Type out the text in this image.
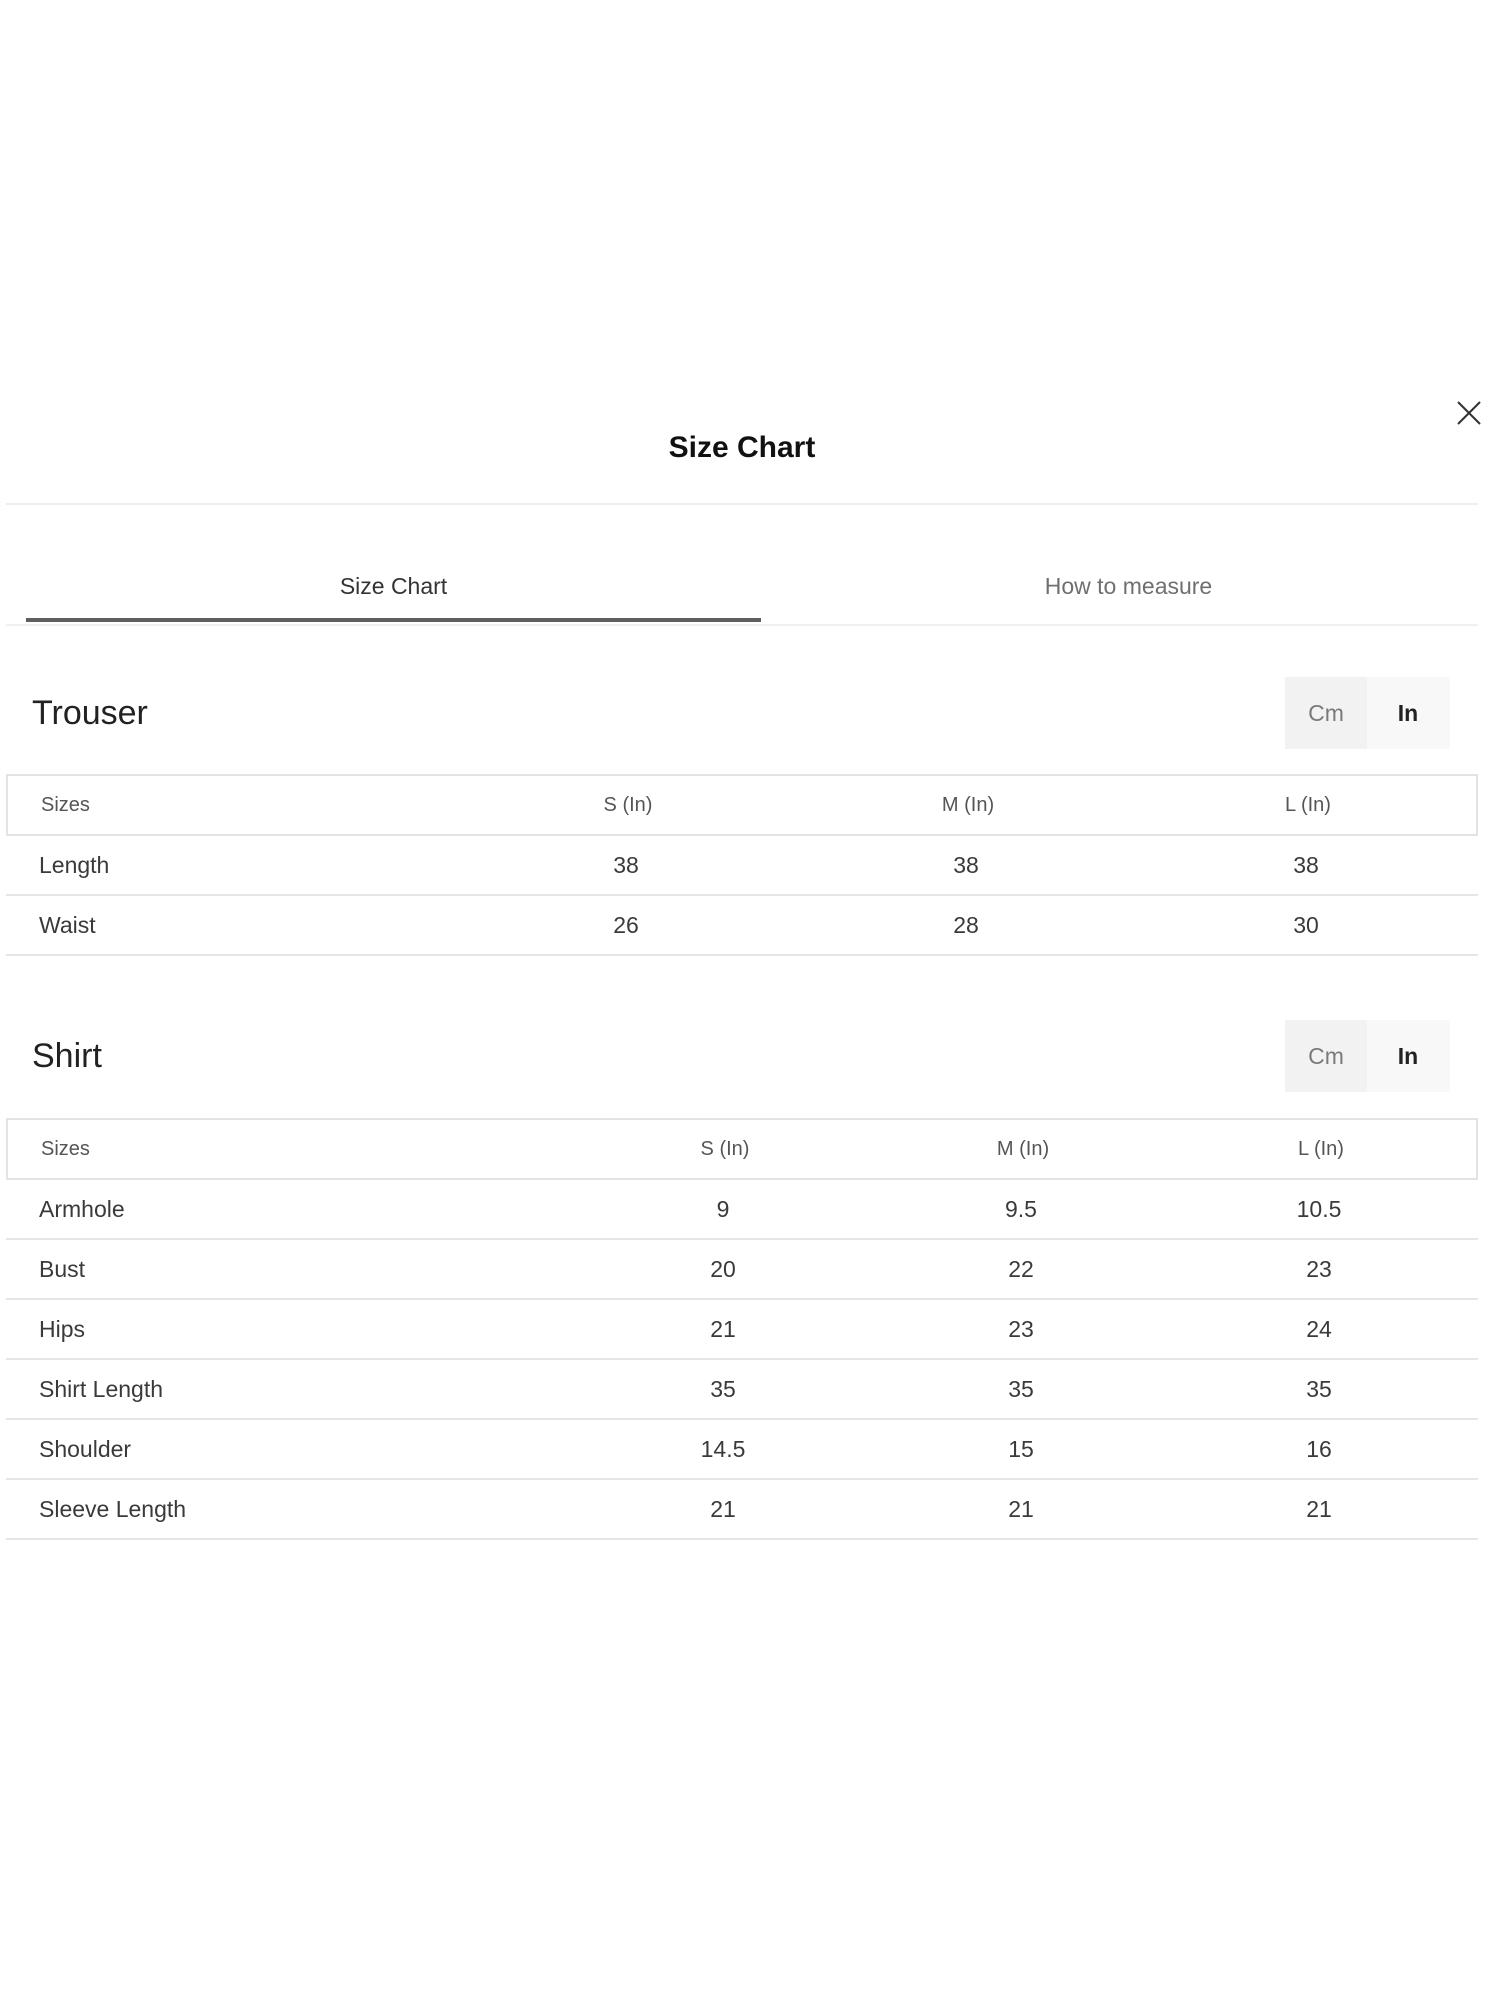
Size Chart
Size Chart	How to measure
Trouser	Cm	In
Sizes	S (In)	M (In)	L (In)
Length	38	38	38
Waist	26	28	30
Shirt	Cm	In
Sizes	S (In)	M (In)	L (In)
Armhole	9	9.5	10.5
Bust	20	22	23
Hips	21	23	24
Shirt Length	35	35	35
Shoulder	14.5	15	16
Sleeve Length	21	21	21
